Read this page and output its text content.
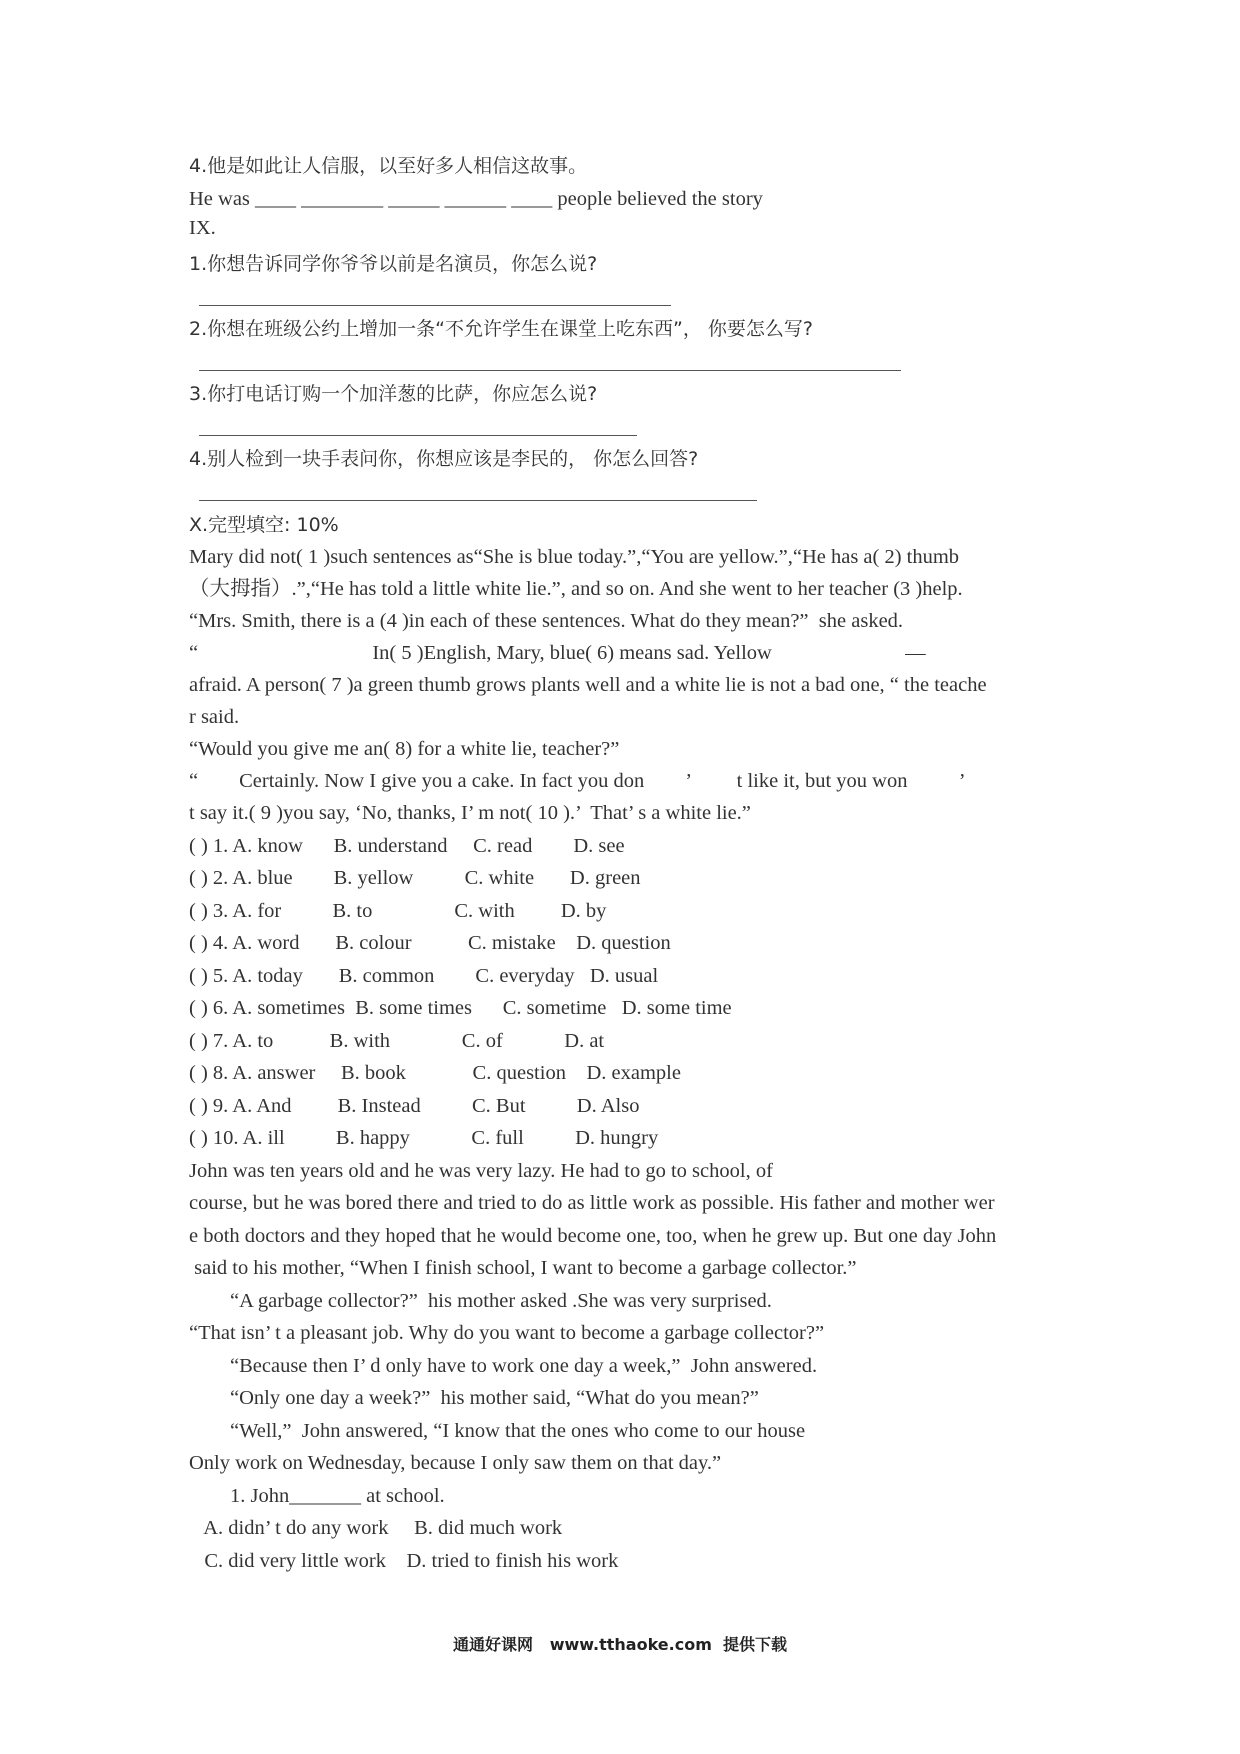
4.他是如此让人信服，以至好多人相信这故事。
He was ____ ________ _____ ______ ____ people believed the story
IX.
1.你想告诉同学你爷爷以前是名演员，你怎么说?
2.你想在班级公约上增加一条“不允许学生在课堂上吃东西”， 你要怎么写?
3.你打电话订购一个加洋葱的比萨，你应怎么说?
4.别人检到一块手表问你，你想应该是李民的， 你怎么回答?
X.完型填空: 10%
Mary did not( 1 )such sentences as“She is blue today.”,“You are yellow.”,“He has a( 2) thumb
（大拇指）.”,“He has told a little white lie.”, and so on. And she went to her teacher (3 )help.
“Mrs. Smith, there is a (4 )in each of these sentences. What do they mean?”  she asked.
“                                  In( 5 )English, Mary, blue( 6) means sad. Yellow                          —
afraid. A person( 7 )a green thumb grows plants well and a white lie is not a bad one, “ the teache
r said.
“Would you give me an( 8) for a white lie, teacher?”
“        Certainly. Now I give you a cake. In fact you don        ’         t like it, but you won          ’
t say it.( 9 )you say, ‘No, thanks, I’ m not( 10 ).’  That’ s a white lie.”
( ) 1. A. know      B. understand     C. read        D. see
( ) 2. A. blue        B. yellow          C. white       D. green
( ) 3. A. for          B. to                C. with         D. by
( ) 4. A. word       B. colour           C. mistake    D. question
( ) 5. A. today       B. common        C. everyday   D. usual
( ) 6. A. sometimes  B. some times      C. sometime   D. some time
( ) 7. A. to           B. with              C. of            D. at
( ) 8. A. answer     B. book             C. question    D. example
( ) 9. A. And         B. Instead          C. But          D. Also
( ) 10. A. ill          B. happy            C. full          D. hungry
John was ten years old and he was very lazy. He had to go to school, of
course, but he was bored there and tried to do as little work as possible. His father and mother wer
e both doctors and they hoped that he would become one, too, when he grew up. But one day John
said to his mother, “When I finish school, I want to become a garbage collector.”
“A garbage collector?”  his mother asked .She was very surprised.
“That isn’ t a pleasant job. Why do you want to become a garbage collector?”
“Because then I’ d only have to work one day a week,”  John answered.
“Only one day a week?”  his mother said, “What do you mean?”
“Well,”  John answered, “I know that the ones who come to our house
Only work on Wednesday, because I only saw them on that day.”
1. John_______ at school.
A. didn’ t do any work     B. did much work
C. did very little work    D. tried to finish his work
通通好课网   www.tthaoke.com  提供下载
